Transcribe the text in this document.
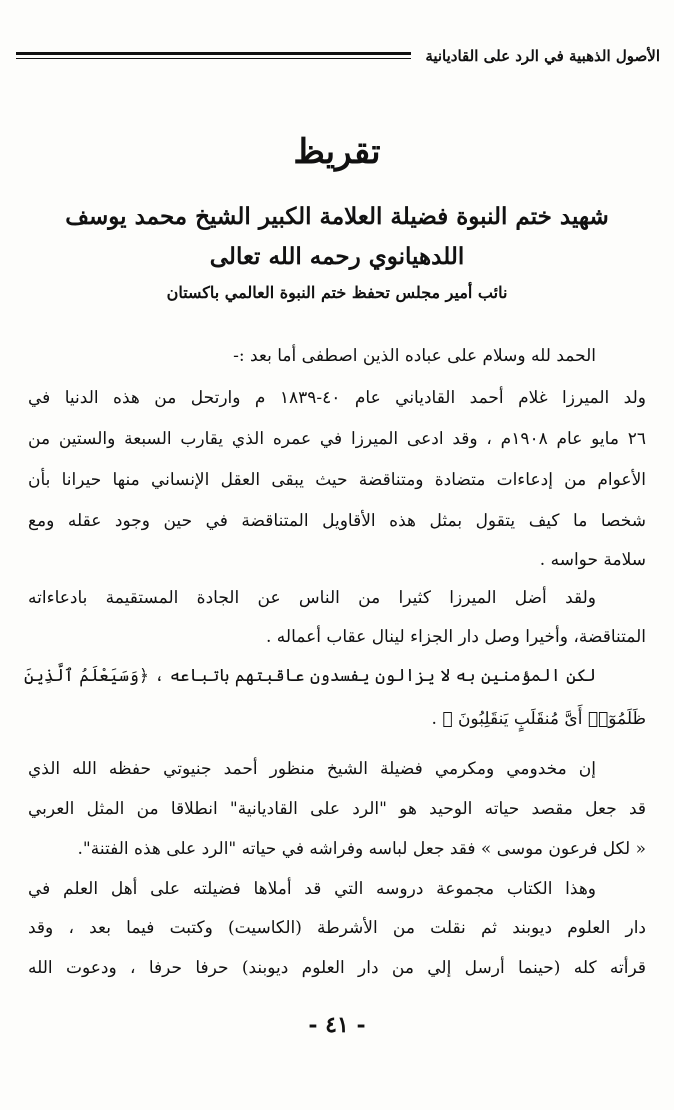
الأصول الذهبية في الرد على القاديانية
تقريظ
شهيد ختم النبوة فضيلة العلامة الكبير الشيخ محمد يوسف
اللدهيانوي رحمه الله تعالى
نائب أمير مجلس تحفظ ختم النبوة العالمي باكستان
الحمد لله وسلام على عباده الذين اصطفى أما بعد :-
ولد الميرزا غلام أحمد القادياني عام ٤٠-١٨٣٩ م وارتحل من هذه الدنيا في
٢٦ مايو عام ١٩٠٨م ، وقد ادعى الميرزا في عمره الذي يقارب السبعة والستين من
الأعوام من إدعاءات متضادة ومتناقضة حيث يبقى العقل الإنساني منها حيرانا بأن
شخصا ما كيف يتقول بمثل هذه الأقاويل المتناقضة في حين وجود عقله ومع
سلامة حواسه .
ولقد أضل الميرزا كثيرا من الناس عن الجادة المستقيمة بادعاءاته
المتناقضة، وأخيرا وصل دار الجزاء لينال عقاب أعماله .
لكن المؤمنين به لا يزالون يفسدون عاقبتهم باتباعه ، ﴿وَسَيَعْلَمُ ٱلَّذِينَ
ظَلَمُوٓا۟ أَىَّ مُنقَلَبٍ يَنقَلِبُونَ ﴾ .
إن مخدومي ومكرمي فضيلة الشيخ منظور أحمد جنيوتي حفظه الله الذي
قد جعل مقصد حياته الوحيد هو "الرد على القاديانية" انطلاقا من المثل العربي
« لكل فرعون موسى » فقد جعل لباسه وفراشه في حياته "الرد على هذه الفتنة".
وهذا الكتاب مجموعة دروسه التي قد أملاها فضيلته على أهل العلم في
دار العلوم ديوبند ثم نقلت من الأشرطة (الكاسيت) وكتبت فيما بعد ، وقد
قرأته كله (حينما أرسل إلي من دار العلوم ديوبند) حرفا حرفا ، ودعوت الله
- ٤١ -
